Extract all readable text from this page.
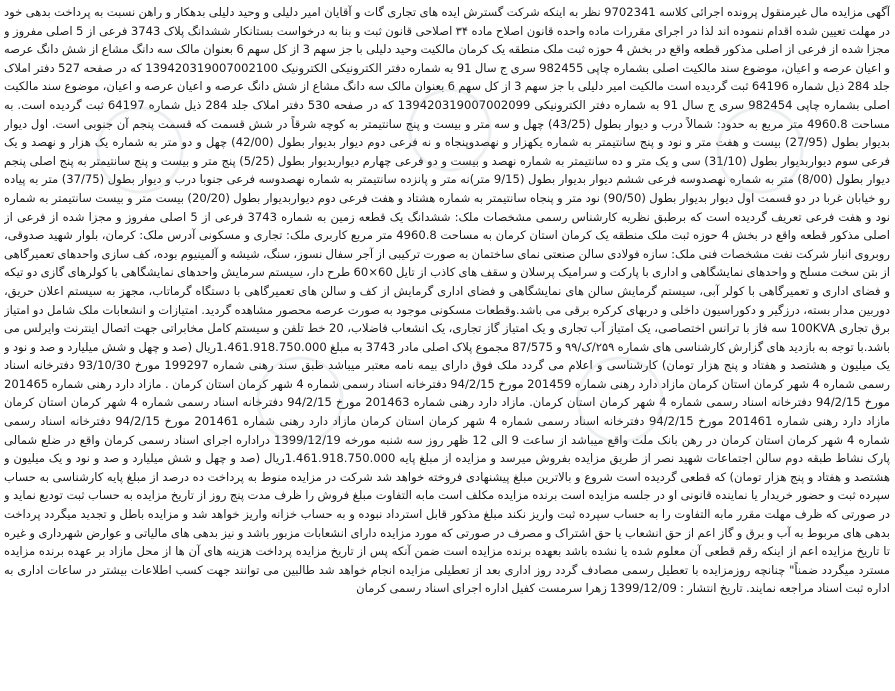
آگهی مزایده مال غیرمنقول پرونده اجرائی کلاسه 9702341 نظر به اینکه شرکت گسترش ایده های تجاری گات و آقایان امیر دلیلی و وحید دلیلی بدهکار و راهن نسبت به پرداخت بدهی خود در مهلت تعیین شده اقدام ننموده اند لذا در اجرای مقررات ماده واحده قانون اصلاح ماده ۳۴ اصلاحی قانون ثبت و بنا به درخواست بستانکار ششدانگ پلاک 3743 فرعی از 5 اصلی مفروز و مجزا شده از فرعی از اصلی مذکور قطعه واقع در بخش 4 حوزه ثبت ملک منطقه یک کرمان مالکیت وحید دلیلی با جز سهم 3 از کل سهم 6 بعنوان مالک سه دانگ مشاع از شش دانگ عرصه و اعیان عرصه و اعیان، موضوع سند مالکیت اصلی بشماره چاپی 982455 سری ج سال 91 به شماره دفتر الکترونیکی الکترونیک 139420319007002100 که در صفحه 527 دفتر املاک جلد 284 ذیل شماره 64196 ثبت گردیده است مالکیت امیر دلیلی با جز سهم 3 از کل سهم 6 بعنوان مالک سه دانگ مشاع از شش دانگ عرصه و اعیان عرصه و اعیان، موضوع سند مالکیت اصلی بشماره چاپی 982454 سری ج سال 91 به شماره دفتر الکترونیکی 139420319007002099 که در صفحه 530 دفتر املاک جلد 284 ذیل شماره 64197 ثبت گردیده است. به مساحت 4960.8 متر مربع به حدود: شمالاً درب و دیوار بطول (43/25) چهل و سه متر و بیست و پنج سانتیمتر به کوچه شرقاً در شش قسمت که قسمت پنجم آن جنوبی است. اول دیوار بدیوار بطول (27/95) بیست و هفت متر و نود و پنج سانتیمتر به شماره یکهزار و نهصدوپنجاه و نه فرعی دوم دیوار بدیوار بطول (42/00) چهل و دو متر به شماره یک هزار و نهصد و یک فرعی سوم دیواربدیوار بطول (31/10) سی و یک متر و ده سانتیمتر به شماره نهصد و بیست و دو فرعی چهارم دیواربدیوار بطول (5/25) پنج متر و بیست و پنج سانتیمتر به پنج اصلی پنجم دیوار بطول (8/00) متر به شماره نهصدوسه فرعی ششم دیوار بدیوار بطول (9/15 متر)نه متر و پانزده سانتیمتر به شماره نهصدوسه فرعی جنوبا درب و دیوار بطول (37/75) متر به پیاده رو خیابان غربا در دو قسمت اول دیوار بدیوار بطول (90/50) نود متر و پنجاه سانتیمتر به شماره هشتاد و هفت فرعی دوم دیواربدیوار بطول (20/20) بیست متر و بیست سانتیمتر به شماره نود و هفت فرعی تعریف گردیده است که برطبق نظریه کارشناس رسمی مشخصات ملک: ششدانگ یک قطعه زمین به شماره 3743 فرعی از 5 اصلی مفروز و مجزا شده از فرعی از اصلی مذکور قطعه واقع در بخش 4 حوزه ثبت ملک منطقه یک کرمان استان کرمان به مساحت 4960.8 متر مربع کاربری ملک: تجاری و مسکونی آدرس ملک: کرمان، بلوار شهید صدوقی، روبروی انبار شرکت نفت مشخصات فنی ملک: سازه فولادی سالن صنعتی نمای ساختمان به صورت ترکیبی از آجر سفال نسوز، سنگ، شیشه و آلمینیوم بوده، کف سازی واحدهای تعمیرگاهی از بتن سخت مسلح و واحدهای نمایشگاهی و اداری با پارکت و سرامیک پرسلان و سقف های کاذب از تایل 60×60 طرح دار، سیستم سرمایش واحدهای نمایشگاهی با کولرهای گازی دو تیکه و فضای اداری و تعمیرگاهی با کولر آبی، سیستم گرمایش سالن های نمایشگاهی و فضای اداری گرمایش از کف و سالن های تعمیرگاهی با دستگاه گرماتاب، مجهز به سیستم اعلان حریق، دوربین مدار بسته، درزگیر و دکوراسیون داخلی و دربهای کرکره برقی می باشد.وقطعات مسکونی موجود به صورت عرصه محصور مشاهده گردید. امتیازات و انشعابات ملک شامل دو امتیاز برق تجاری 100KVA سه فاز با ترانس اختصاصی، یک امتیاز آب تجاری و یک امتیاز گاز تجاری، یک انشعاب فاضلاب، 20 خط تلفن و سیستم کامل مخابراتی جهت اتصال اینترنت وایرلس می باشد.با توجه به بازدید های گزارش کارشناسی های شماره ۲۵۹/ک/۹۹ و 87/575 مجموع پلاک اصلی مادر 3743 به مبلغ 1.461.918.750.000ریال (صد و چهل و شش میلیارد و صد و نود و یک میلیون و هشتصد و هفتاد و پنج هزار تومان) کارشناسی و اعلام می گردد ملک فوق دارای بیمه نامه معتبر میباشد طبق سند رهنی شماره 199297 مورخ 93/10/30 دفترخانه اسناد رسمی شماره 4 شهر کرمان استان کرمان مازاد دارد رهنی شماره 201459 مورخ 94/2/15 دفترخانه اسناد رسمی شماره 4 شهر کرمان استان کرمان . مازاد دارد رهنی شماره 201465 مورخ 94/2/15 دفترخانه اسناد رسمی شماره 4 شهر کرمان استان کرمان. مازاد دارد رهنی شماره 201463 مورخ 94/2/15 دفترخانه اسناد رسمی شماره 4 شهر کرمان استان کرمان مازاد دارد رهنی شماره 201461 مورخ 94/2/15 دفترخانه اسناد رسمی شماره 4 شهر کرمان استان کرمان مازاد دارد رهنی شماره 201461 مورخ 94/2/15 دفترخانه اسناد رسمی شماره 4 شهر کرمان استان کرمان در رهن بانک ملت واقع میباشد از ساعت 9 الی 12 ظهر روز سه شنبه مورخه 1399/12/19 دراداره اجرای اسناد رسمی کرمان واقع در ضلع شمالی پارک نشاط طبقه دوم سالن اجتماعات شهید نصر از طریق مزایده بفروش میرسد و مزایده از مبلغ پایه 1.461.918.750.000ریال (صد و چهل و شش میلیارد و صد و نود و یک میلیون و هشتصد و هفتاد و پنج هزار تومان) که قطعی گردیده است شروع و بالاترین مبلغ پیشنهادی فروخته خواهد شد شرکت در مزایده منوط به پرداخت ده درصد از مبلغ پایه کارشناسی به حساب سپرده ثبت و حضور خریدار یا نماینده قانونی او در جلسه مزایده است برنده مزایده مکلف است مابه التفاوت مبلغ فروش را ظرف مدت پنج روز از تاریخ مزایده به حساب ثبت تودیع نماید و در صورتی که ظرف مهلت مقرر مابه التفاوت را به حساب سپرده ثبت واریز نکند مبلغ مذکور قابل استرداد نبوده و به حساب خزانه واریز خواهد شد و مزایده باطل و تجدید میگردد پرداخت بدهی های مربوط به آب و برق و گاز اعم از حق انشعاب یا حق اشتراک و مصرف در صورتی که مورد مزایده دارای انشعابات مزبور باشد و نیز بدهی های مالیاتی و عوارض شهرداری و غیره تا تاریخ مزایده اعم از اینکه رقم قطعی آن معلوم شده یا نشده باشد بعهده برنده مزایده است ضمن آنکه پس از تاریخ مزایده پرداخت هزینه های آن ها از محل مازاد بر عهده برنده مزایده مسترد میگردد ضمناً" چنانچه روزمزایده با تعطیل رسمی مصادف گردد روز اداری بعد از تعطیلی مزایده انجام خواهد شد طالبین می توانند جهت کسب اطلاعات بیشتر در ساعات اداری به اداره ثبت اسناد مراجعه نمایند. تاریخ انتشار : 1399/12/09 زهرا سرمست کفیل اداره اجرای اسناد رسمی کرمان
